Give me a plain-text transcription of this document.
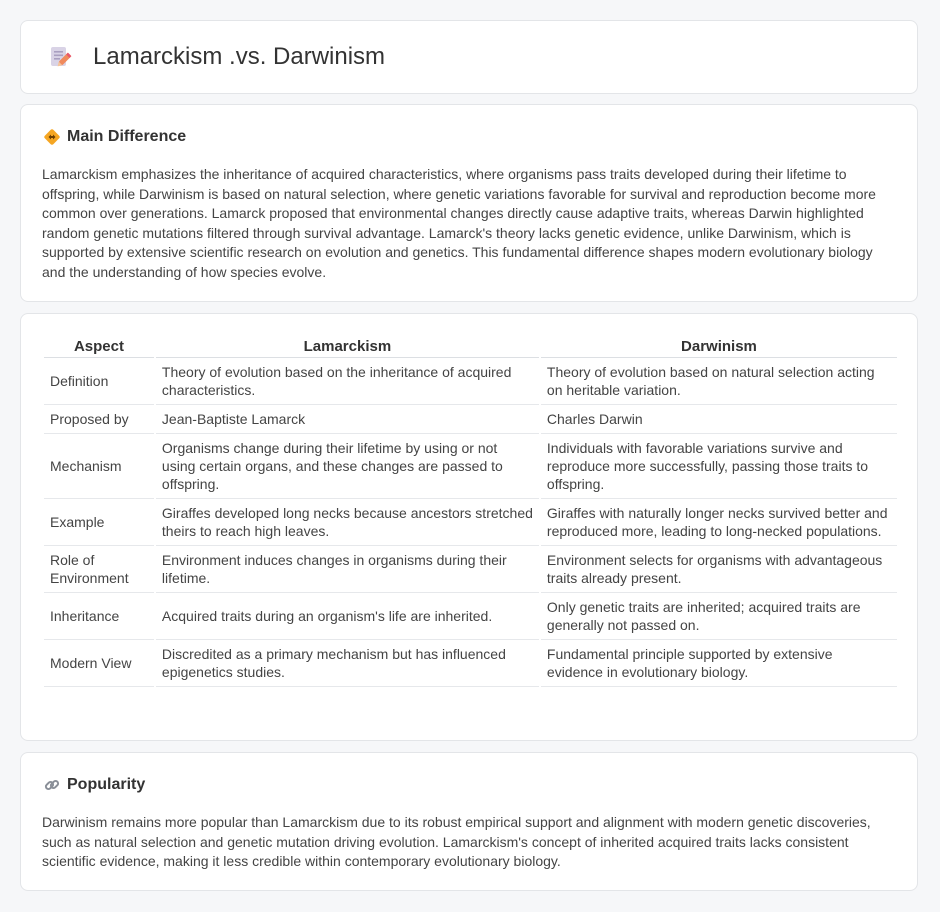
Lamarckism .vs. Darwinism
Main Difference
Lamarckism emphasizes the inheritance of acquired characteristics, where organisms pass traits developed during their lifetime to offspring, while Darwinism is based on natural selection, where genetic variations favorable for survival and reproduction become more common over generations. Lamarck proposed that environmental changes directly cause adaptive traits, whereas Darwin highlighted random genetic mutations filtered through survival advantage. Lamarck's theory lacks genetic evidence, unlike Darwinism, which is supported by extensive scientific research on evolution and genetics. This fundamental difference shapes modern evolutionary biology and the understanding of how species evolve.
Aspect	Lamarckism	Darwinism
Definition	Theory of evolution based on the inheritance of acquired characteristics.	Theory of evolution based on natural selection acting on heritable variation.
Proposed by	Jean-Baptiste Lamarck	Charles Darwin
Mechanism	Organisms change during their lifetime by using or not using certain organs, and these changes are passed to offspring.	Individuals with favorable variations survive and reproduce more successfully, passing those traits to offspring.
Example	Giraffes developed long necks because ancestors stretched theirs to reach high leaves.	Giraffes with naturally longer necks survived better and reproduced more, leading to long-necked populations.
Role of Environment	Environment induces changes in organisms during their lifetime.	Environment selects for organisms with advantageous traits already present.
Inheritance	Acquired traits during an organism's life are inherited.	Only genetic traits are inherited; acquired traits are generally not passed on.
Modern View	Discredited as a primary mechanism but has influenced epigenetics studies.	Fundamental principle supported by extensive evidence in evolutionary biology.
Popularity
Darwinism remains more popular than Lamarckism due to its robust empirical support and alignment with modern genetic discoveries, such as natural selection and genetic mutation driving evolution. Lamarckism's concept of inherited acquired traits lacks consistent scientific evidence, making it less credible within contemporary evolutionary biology.
